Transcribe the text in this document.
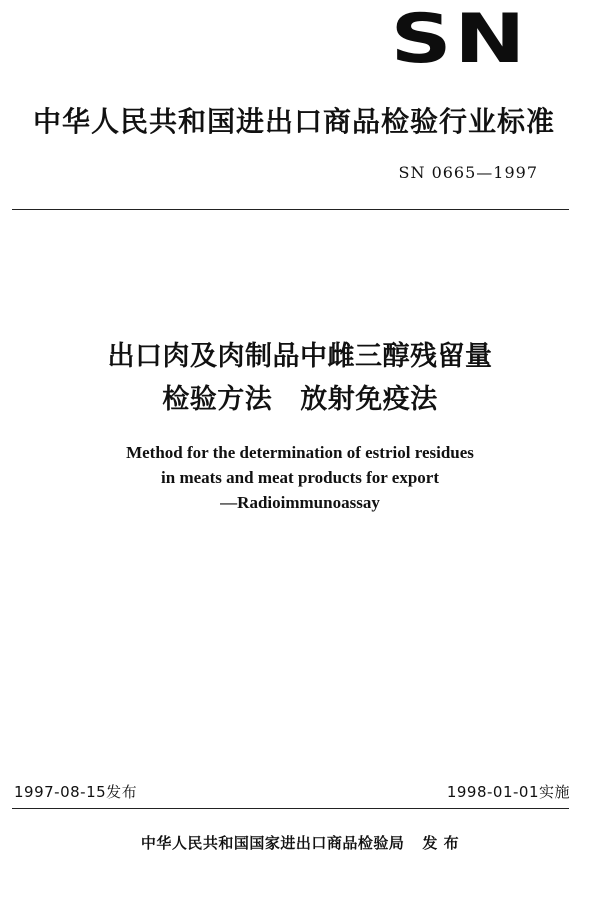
SN
中华人民共和国进出口商品检验行业标准
SN 0665—1997
出口肉及肉制品中雌三醇残留量
检验方法 放射免疫法
Method for the determination of estriol residues
in meats and meat products for export
—Radioimmunoassay
1997-08-15发布	1998-01-01实施
中华人民共和国国家进出口商品检验局 发 布
